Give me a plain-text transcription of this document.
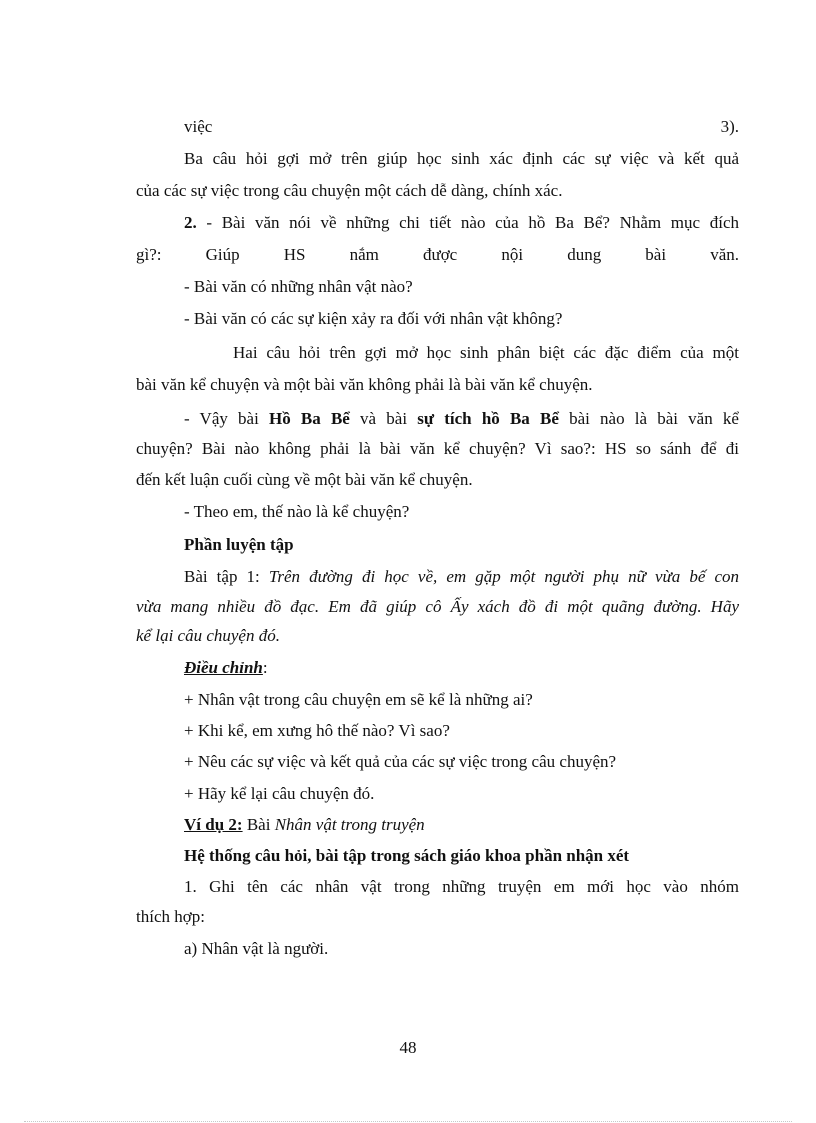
việc	3).
Ba câu hỏi gợi mở trên giúp học sinh xác định các sự việc và kết quả
của các sự việc trong câu chuyện một cách dễ dàng, chính xác.
2. - Bài văn nói về những chi tiết nào của hồ Ba Bể? Nhằm mục đích
gì?: Giúp HS nắm được nội dung bài văn.
- Bài văn có những nhân vật nào?
- Bài văn có các sự kiện xảy ra đối với nhân vật không?
Hai câu hỏi trên gợi mở học sinh phân biệt các đặc điểm của một
bài văn kể chuyện và một bài văn không phải là bài văn kể chuyện.
- Vậy bài Hồ Ba Bể và bài sự tích hồ Ba Bể bài nào là bài văn kể
chuyện? Bài nào không phải là bài văn kể chuyện? Vì sao?: HS so sánh để đi
đến kết luận cuối cùng về một bài văn kể chuyện.
- Theo em, thế nào là kể chuyện?
Phần luyện tập
Bài tập 1: Trên đường đi học về, em gặp một người phụ nữ vừa bế con
vừa mang nhiều đồ đạc. Em đã giúp cô Ấy xách đồ đi một quãng đường. Hãy
kể lại câu chuyện đó.
Điều chỉnh:
+ Nhân vật trong câu chuyện em sẽ kể là những ai?
+ Khi kể, em xưng hô thế nào? Vì sao?
+ Nêu các sự việc và kết quả của các sự việc trong câu chuyện?
+ Hãy kể lại câu chuyện đó.
Ví dụ 2: Bài Nhân vật trong truyện
Hệ thống câu hỏi, bài tập trong sách giáo khoa phần nhận xét
1. Ghi tên các nhân vật trong những truyện em mới học vào nhóm
thích hợp:
a) Nhân vật là người.
48
